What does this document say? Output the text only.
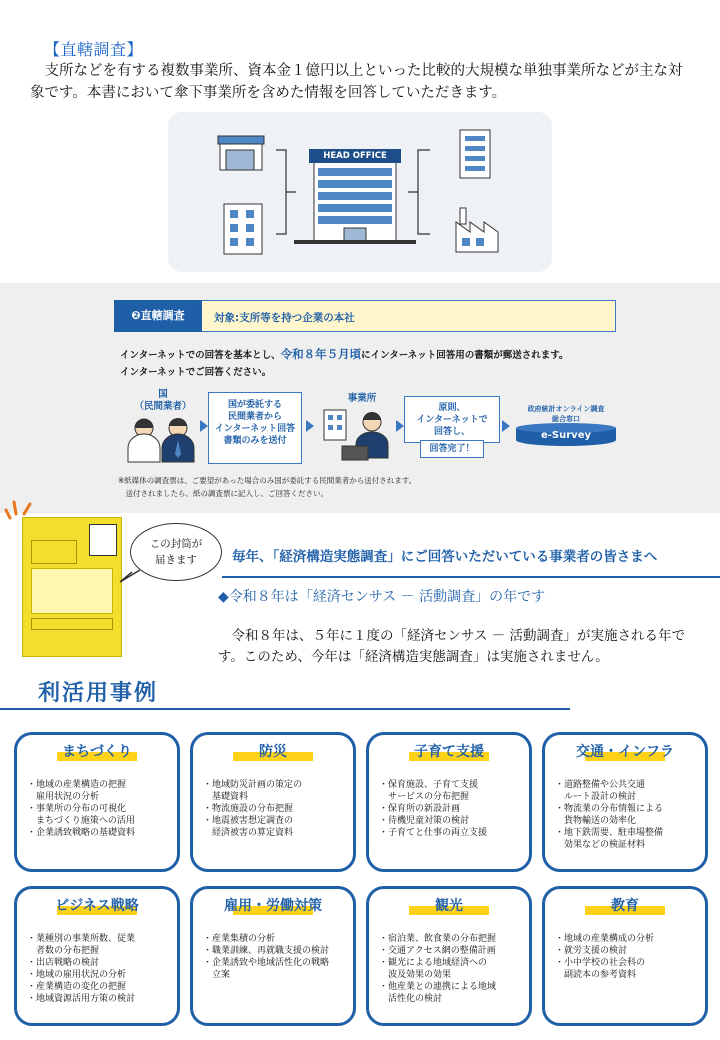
【直轄調査】
　支所などを有する複数事業所、資本金１億円以上といった比較的大規模な単独事業所などが主な対象です。本書において傘下事業所を含めた情報を回答していただきます。
HEAD OFFICE
❷直轄調査	対象:支所等を持つ企業の本社
インターネットでの回答を基本とし、令和８年５月頃にインターネット回答用の書類が郵送されます。
インターネットでご回答ください。
国
（民間業者）	国が委託する
民間業者から
インターネット回答
書類のみを送付
事業所
原則、
インターネットで
回答し、
回答完了！
政府統計オンライン調査
総合窓口
e-Survey
※紙媒体の調査票は、ご要望があった場合のみ国が委託する民間業者から送付されます。
　送付されましたら、紙の調査票に記入し、ご回答ください。
この封筒が
届きます	毎年、「経済構造実態調査」にご回答いただいている事業者の皆さまへ
◆令和８年は「経済センサス － 活動調査」の年です
令和８年は、５年に１度の「経済センサス － 活動調査」が実施される年です。このため、今年は「経済構造実態調査」は実施されません。
利活用事例
まちづくり
・地域の産業構造の把握
　雇用状況の分析
・事業所の分布の可視化
　まちづくり施策への活用
・企業誘致戦略の基礎資料
防災
・地域防災計画の策定の
　基礎資料
・物流施設の分布把握
・地震被害想定調査の
　経済被害の算定資料
子育て支援
・保育施設、子育て支援
　サービスの分布把握
・保育所の新設計画
・待機児童対策の検討
・子育てと仕事の両立支援
交通・インフラ
・道路整備や公共交通
　ルート設計の検討
・物流業の分布情報による
　貨物輸送の効率化
・地下鉄需要、駐車場整備
　効果などの検証材料
ビジネス戦略
・業種別の事業所数、従業
　者数の分布把握
・出店戦略の検討
・地域の雇用状況の分析
・産業構造の変化の把握
・地域資源活用方策の検討
雇用・労働対策
・産業集積の分析
・職業訓練、再就職支援の検討
・企業誘致や地域活性化の戦略
　立案
観光
・宿泊業、飲食業の分布把握
・交通アクセス網の整備計画
・観光による地域経済への
　波及効果の効果
・他産業との連携による地域
　活性化の検討
教育
・地域の産業構成の分析
・就労支援の検討
・小中学校の社会科の
　副読本の参考資料
